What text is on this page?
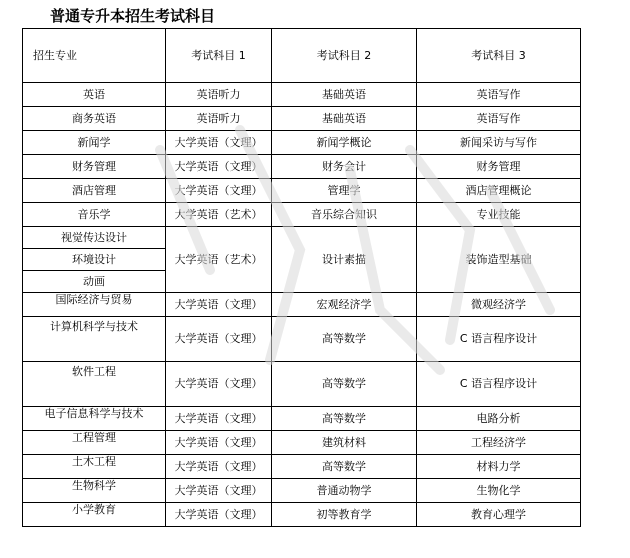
普通专升本招生考试科目
招生专业	考试科目 1	考试科目 2	考试科目 3
英语	英语听力	基础英语	英语写作
商务英语	英语听力	基础英语	英语写作
新闻学	大学英语（文理）	新闻学概论	新闻采访与写作
财务管理	大学英语（文理）	财务会计	财务管理
酒店管理	大学英语（文理）	管理学	酒店管理概论
音乐学	大学英语（艺术）	音乐综合知识	专业技能
视觉传达设计	大学英语（艺术）	设计素描	装饰造型基础
环境设计			
动画			
国际经济与贸易	大学英语（文理）	宏观经济学	微观经济学
计算机科学与技术	大学英语（文理）	高等数学	C 语言程序设计
软件工程	大学英语（文理）	高等数学	C 语言程序设计
电子信息科学与技术	大学英语（文理）	高等数学	电路分析
工程管理	大学英语（文理）	建筑材料	工程经济学
土木工程	大学英语（文理）	高等数学	材料力学
生物科学	大学英语（文理）	普通动物学	生物化学
小学教育	大学英语（文理）	初等教育学	教育心理学
